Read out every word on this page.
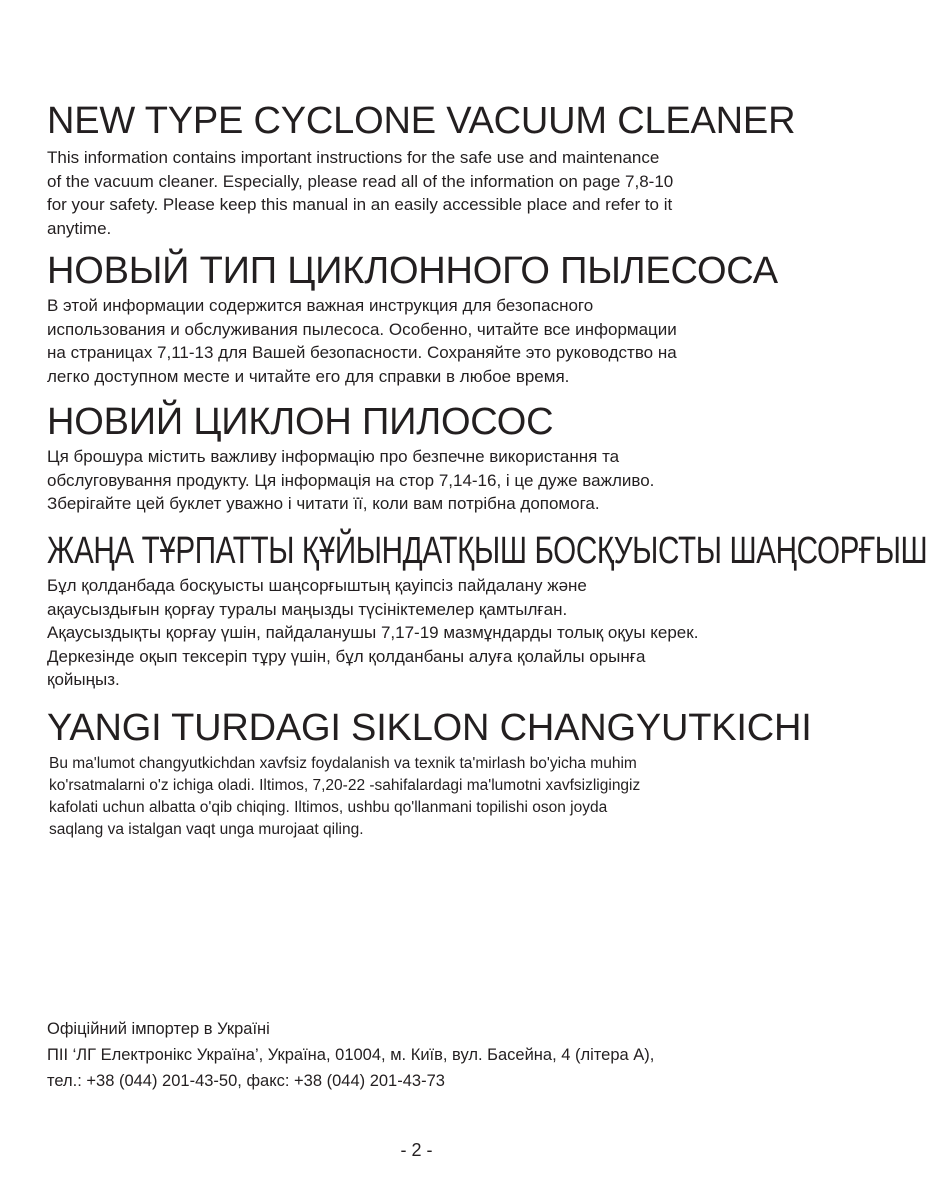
NEW TYPE CYCLONE VACUUM CLEANER

This information contains important instructions for the safe use and maintenance
of the vacuum cleaner. Especially, please read all of the information on page 7,8-10
for your safety. Please keep this manual in an easily accessible place and refer to it
anytime.

НОВЫЙ ТИП ЦИКЛОННОГО ПЫЛЕСОСА

В этой информации содержится важная инструкция для безопасного
использования и обслуживания пылесоса. Особенно, читайте все информации
на страницах 7,11-13 для Вашей безопасности. Сохраняйте это руководство на
легко доступном месте и читайте его для справки в любое время.

НОВИЙ ЦИКЛОН ПИЛОСОС

Ця брошура містить важливу інформацію про безпечне використання та
обслуговування продукту. Ця інформація на стор 7,14-16, і це дуже важливо.
Зберігайте цей буклет уважно і читати її, коли вам потрібна допомога.

ЖАҢА ТҰРПАТТЫ ҚҰЙЫНДАТҚЫШ БОСҚУЫСТЫ ШАҢСОРҒЫШ

Бұл қолданбада босқуысты шаңсорғыштың қауіпсіз пайдалану және
ақаусыздығын қорғау туралы маңызды түсініктемелер қамтылған.
Ақаусыздықты қорғау үшін, пайдаланушы 7,17-19 мазмұндарды толық оқуы керек.
Деркезінде оқып тексеріп тұру үшін, бұл қолданбаны алуға қолайлы орынға
қойыңыз.

YANGI TURDAGI SIKLON CHANGYUTKICHI

Bu ma'lumot changyutkichdan xavfsiz foydalanish va texnik ta'mirlash bo'yicha muhim
ko'rsatmalarni o'z ichiga oladi. Iltimos, 7,20-22 -sahifalardagi ma'lumotni xavfsizligingiz
kafolati uchun albatta o'qib chiqing. Iltimos, ushbu qo'llanmani topilishi oson joyda
saqlang va istalgan vaqt unga murojaat qiling.

Офіційний імпортер в Україні
ПІІ ‘ЛГ Електронікс Україна’, Україна, 01004, м. Київ, вул. Басейна, 4 (літера А),
тел.: +38 (044) 201-43-50, факс: +38 (044) 201-43-73
- 2 -
